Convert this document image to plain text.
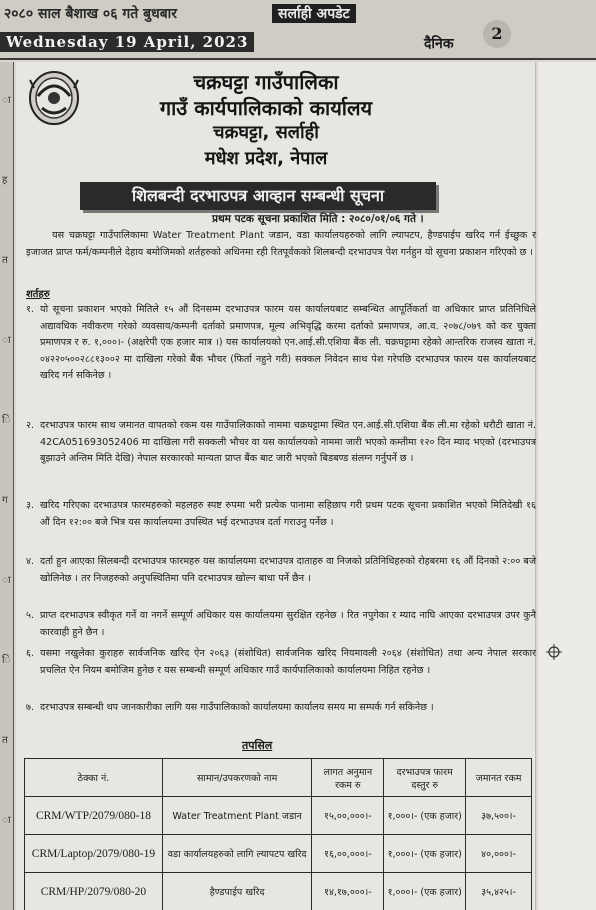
२०८० साल बैशाख ०६ गते बुधबार	सर्लाही अपडेट
Wednesday 19 April, 2023	दैनिक
2
ा
ह
त
ा
ि
ग
ा
ि
त
ा
चक्रघट्टा गाउँपालिका
गाउँ कार्यपालिकाको कार्यालय
चक्रघट्टा, सर्लाही
मधेश प्रदेश, नेपाल
शिलबन्दी दरभाउपत्र आव्हान सम्बन्धी सूचना
प्रथम पटक सूचना प्रकाशित मिति : २०८०/०१/०६ गते ।
यस चक्रघट्टा गाउँपालिकामा Water Treatment Plant जडान, वडा कार्यालयहरुको लागि ल्यापटप, हैण्डपाईप खरिद गर्न ईच्छुक र इजाजत प्राप्त फर्म/कम्पनीले देहाय बमोजिमको शर्तहरुको अधिनमा रही रितपूर्वकको शिलबन्दी दरभाउपत्र पेश गर्नहुन यो सूचना प्रकाशन गरिएको छ ।
शर्तहरु
१. यो सूचना प्रकाशन भएको मितिले १५ औं दिनसम्म दरभाउपत्र फारम यस कार्यालयबाट सम्बन्धित आपूर्तिकर्ता वा अधिकार प्राप्त प्रतिनिधिले अद्यावधिक नवीकरण गरेको व्यवसाय/कम्पनी दर्ताको प्रमाणपत्र, मूल्य अभिवृद्धि करमा दर्ताको प्रमाणपत्र, आ.व. २०७८/०७९ को कर चुक्ता प्रमाणपत्र र रु. १,०००।- (अक्षरेपी एक हजार मात्र ।) यस कार्यालयको एन.आई.सी.एशिया बैंक ली. चक्रघट्टामा रहेको आन्तरिक राजस्व खाता नं. ०४२२०५००२८८१३००२ मा दाखिला गरेको बैंक भौचर (फिर्ता नहुने गरी) सक्कल निवेदन साथ पेश गरेपछि दरभाउपत्र फारम यस कार्यालयबाट खरिद गर्न सकिनेछ ।
२. दरभाउपत्र फारम साथ जमानत वापतको रकम यस गाउँपालिकाको नाममा चक्रघट्टामा स्थित एन.आई.सी.एशिया बैंक ली.मा रहेको धरौटी खाता नं. 42CA051693052406 मा दाखिला गरी सक्कली भौचर वा यस कार्यालयको नाममा जारी भएको कम्तीमा १२० दिन म्याद भएको (दरभाउपत्र बुझाउने अन्तिम मिति देखि) नेपाल सरकारको मान्यता प्राप्त बैंक बाट जारी भएको बिडबण्ड संलग्न गर्नुपर्ने छ ।
३. खरिद गरिएका दरभाउपत्र फारमहरुको महलहरु स्पष्ट रुपमा भरी प्रत्येक पानामा सहिछाप गरी प्रथम पटक सूचना प्रकाशित भएको मितिदेखी १६ औं दिन १२:०० बजे भित्र यस कार्यालयमा उपस्थित भई दरभाउपत्र दर्ता गराउनु पर्नेछ ।
४. दर्ता हुन आएका सिलबन्दी दरभाउपत्र फारमहरु यस कार्यालयमा दरभाउपत्र दाताहरु वा निजको प्रतिनिधिहरुको रोहबरमा १६ औं दिनको २:०० बजे खोलिनेछ । तर निजहरुको अनुपस्थितिमा पनि दरभाउपत्र खोल्न बाधा पर्ने छैन ।
५. प्राप्त दरभाउपत्र स्वीकृत गर्ने वा नगर्ने सम्पूर्ण अधिकार यस कार्यालयमा सुरक्षित रहनेछ । रित नपुगेका र म्याद नाघि आएका दरभाउपत्र उपर कुनै कारवाही हुने छैन ।
६. यसमा नखुलेका कुराहरु सार्वजनिक खरिद ऐन २०६३ (संशोधित) सार्वजनिक खरिद नियमावली २०६४ (संशोधित) तथा अन्य नेपाल सरकार प्रचलित ऐन नियम बमोजिम हुनेछ र यस सम्बन्धी सम्पूर्ण अधिकार गाउँ कार्यपालिकाको कार्यालयमा निहित रहनेछ ।
७. दरभाउपत्र सम्बन्धी थप जानकारीका लागि यस गाउँपालिकाको कार्यालयमा कार्यालय समय मा सम्पर्क गर्न सकिनेछ ।
तपसिल
ठेक्का नं.	सामान/उपकरणको नाम	लागत अनुमान रकम रु	दरभाउपत्र फारम दस्तुर रु	जमानत रकम
CRM/WTP/2079/080-18	Water Treatment Plant जडान	१५,००,०००।-	१,०००।- (एक हजार)	३७,५००।-
CRM/Laptop/2079/080-19	वडा कार्यालयहरुको लागि ल्यापटप खरिद	१६,००,०००।-	१,०००।- (एक हजार)	४०,०००।-
CRM/HP/2079/080-20	हैण्डपाईप खरिद	१४,१७,०००।-	१,०००।- (एक हजार)	३५,४२५।-
